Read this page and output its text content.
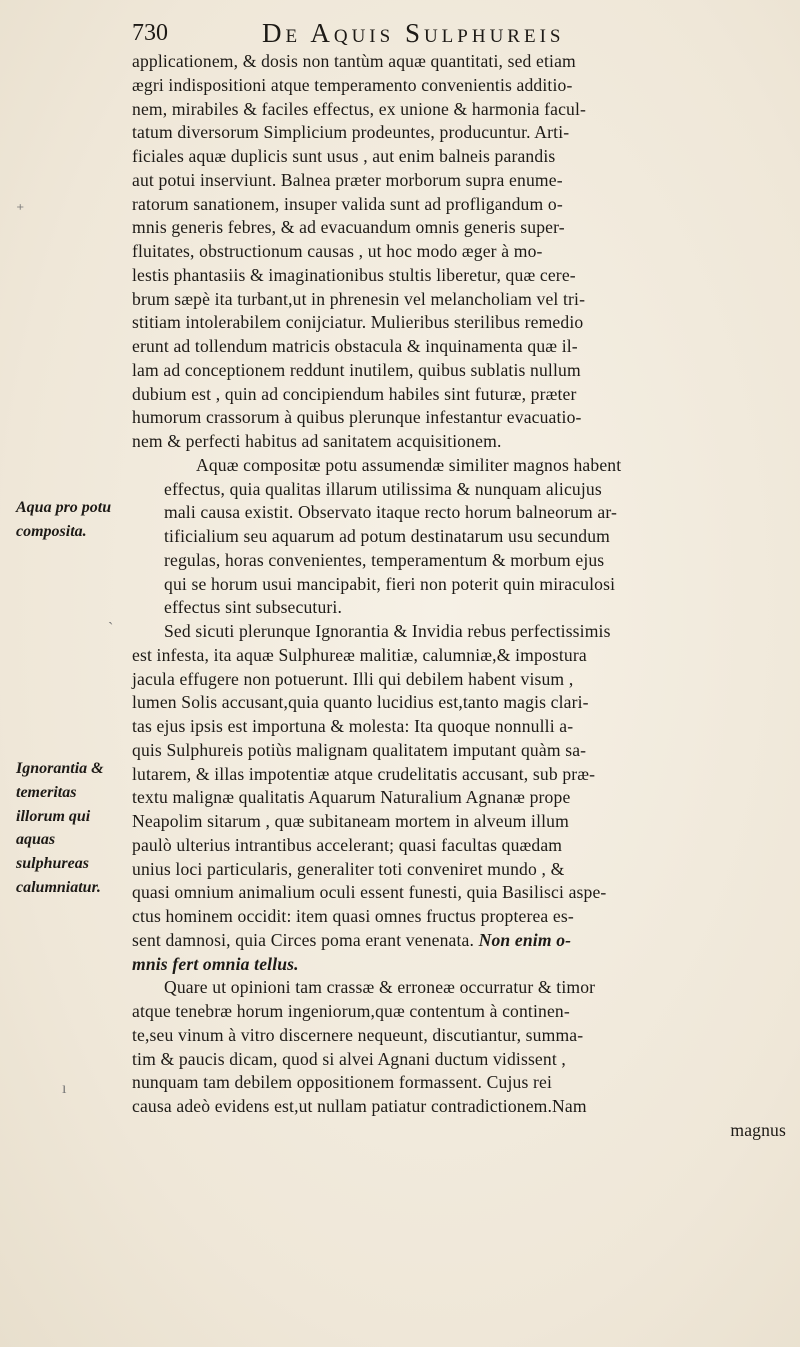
730	De Aquis Sulphureis
Aqua pro potu composita.
Ignorantia & temeritas illorum qui aquas sulphureas calumniatur.
⁺
ˋ
ı

applicationem, & dosis non tantùm aquæ quantitati, sed etiam
ægri indispositioni atque temperamento convenientis additio-
nem, mirabiles & faciles effectus, ex unione & harmonia facul-
tatum diversorum Simplicium prodeuntes, producuntur. Arti-
ficiales aquæ duplicis sunt usus , aut enim balneis parandis
aut potui inserviunt. Balnea præter morborum supra enume-
ratorum sanationem, insuper valida sunt ad profligandum o-
mnis generis febres, & ad evacuandum omnis generis super-
fluitates, obstructionum causas , ut hoc modo æger à mo-
lestis phantasiis & imaginationibus stultis liberetur, quæ cere-
brum sæpè ita turbant,ut in phrenesin vel melancholiam vel tri-
stitiam intolerabilem conijciatur. Mulieribus sterilibus remedio
erunt ad tollendum matricis obstacula & inquinamenta quæ il-
lam ad conceptionem reddunt inutilem, quibus sublatis nullum
dubium est , quin ad concipiendum habiles sint futuræ, præter
humorum crassorum à quibus plerunque infestantur evacuatio-
nem & perfecti habitus ad sanitatem acquisitionem.

Aquæ compositæ potu assumendæ similiter magnos habent
effectus, quia qualitas illarum utilissima & nunquam alicujus
mali causa existit. Observato itaque recto horum balneorum ar-
tificialium seu aquarum ad potum destinatarum usu secundum
regulas, horas convenientes, temperamentum & morbum ejus
qui se horum usui mancipabit, fieri non poterit quin miraculosi
effectus sint subsecuturi.

Sed sicuti plerunque Ignorantia & Invidia rebus perfectissimis
est infesta, ita aquæ Sulphureæ malitiæ, calumniæ,& impostura
jacula effugere non potuerunt. Illi qui debilem habent visum ,
lumen Solis accusant,quia quanto lucidius est,tanto magis clari-
tas ejus ipsis est importuna & molesta: Ita quoque nonnulli a-
quis Sulphureis potiùs malignam qualitatem imputant quàm sa-
lutarem, & illas impotentiæ atque crudelitatis accusant, sub præ-
textu malignæ qualitatis Aquarum Naturalium Agnanæ prope
Neapolim sitarum , quæ subitaneam mortem in alveum illum
paulò ulterius intrantibus accelerant; quasi facultas quædam
unius loci particularis, generaliter toti conveniret mundo , &
quasi omnium animalium oculi essent funesti, quia Basilisci aspe-
ctus hominem occidit: item quasi omnes fructus propterea es-
sent damnosi, quia Circes poma erant venenata. Non enim o-
mnis fert omnia tellus.

Quare ut opinioni tam crassæ & erroneæ occurratur & timor
atque tenebræ horum ingeniorum,quæ contentum à continen-
te,seu vinum à vitro discernere nequeunt, discutiantur, summa-
tim & paucis dicam, quod si alvei Agnani ductum vidissent ,
nunquam tam debilem oppositionem formassent. Cujus rei
causa adeò evidens est,ut nullam patiatur contradictionem.Nam

magnus
